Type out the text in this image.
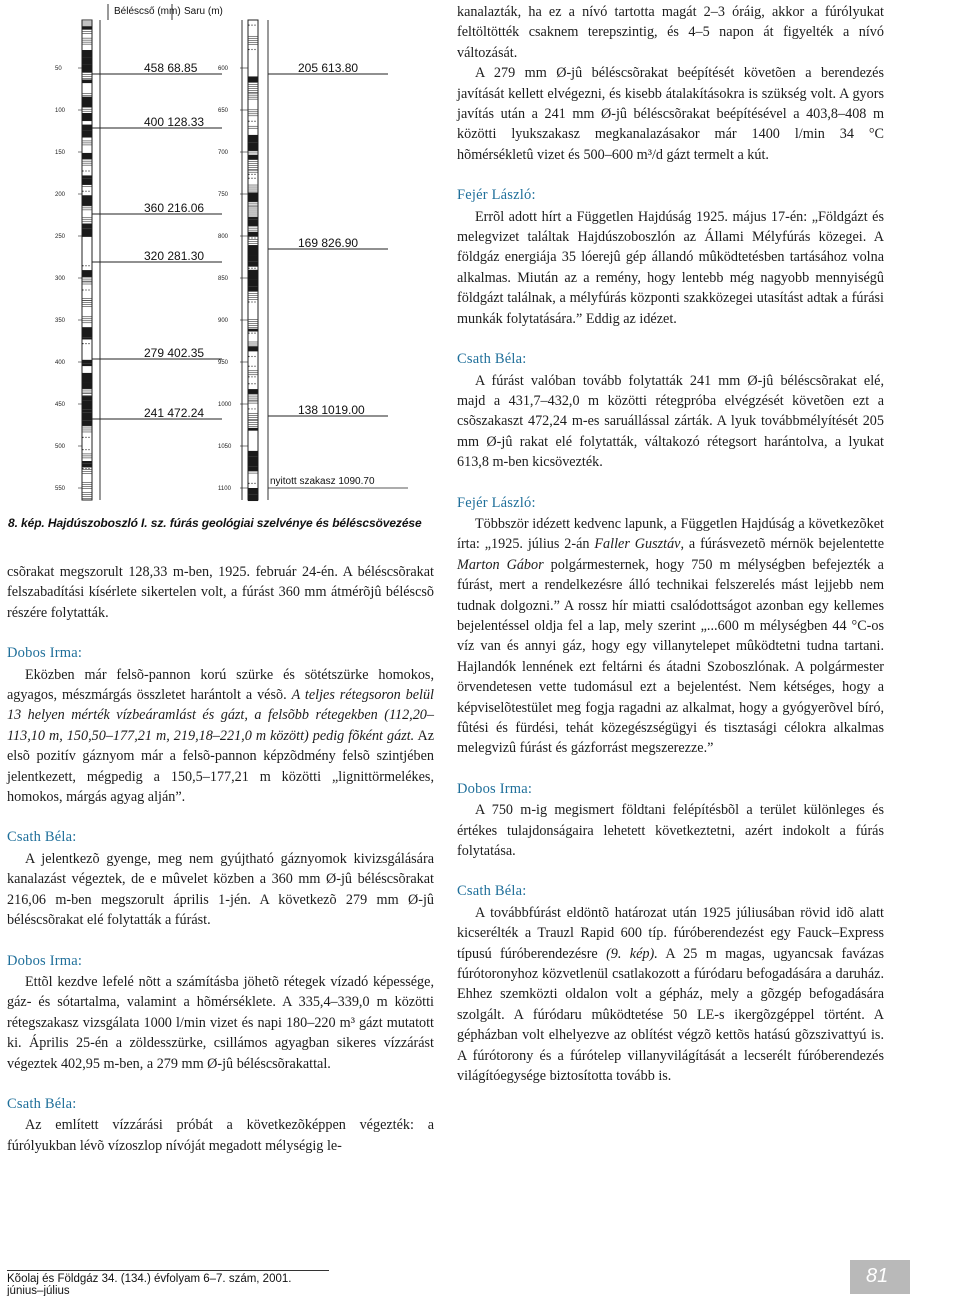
50
100
150
200
250
300
350
400
450
500
550
600
650
700
750
800
850
900
950
1000
1050
1100
458 68.85
400 128.33
360 216.06
320 281.30
279 402.35
241 472.24
205 613.80
169 826.90
138 1019.00
nyitott szakasz 1090.70
Béléscső (mm) Saru (m)
8. kép. Hajdúszoboszló I. sz. fúrás geológiai szelvénye és béléscsövezése

csõrakat megszorult 128,33 m-ben, 1925. február 24-én. A béléscsõrakat felszabadítási kísérlete sikertelen volt, a fúrást 360 mm átmérõjû béléscsõ részére folytatták.

Dobos Irma:

Eközben már felsõ-pannon korú szürke és sötétszürke homokos, agyagos, mészmárgás összletet harántolt a vésõ. A teljes rétegsoron belül 13 helyen mérték vízbeáramlást és gázt, a felsõbb rétegekben (112,20–113,10 m, 150,50–177,21 m, 219,18–221,0 m között) pedig fõként gázt. Az elsõ pozitív gáznyom már a felsõ-pannon képzõdmény felsõ szintjében jelentkezett, mégpedig a 150,5–177,21 m közötti „lignittörmelékes, homokos, márgás agyag alján”.

Csath Béla:

A jelentkezõ gyenge, meg nem gyújtható gáznyomok kivizsgálására kanalazást végeztek, de e mûvelet közben a 360 mm Ø-jû béléscsõrakat 216,06 m-ben megszorult április 1-jén. A következõ 279 mm Ø-jû béléscsõrakat elé folytatták a fúrást.

Dobos Irma:

Ettõl kezdve lefelé nõtt a számításba jöhetõ rétegek vízadó képessége, gáz- és sótartalma, valamint a hõmérséklete. A 335,4–339,0 m közötti rétegszakasz vizsgálata 1000 l/min vizet és napi 180–220 m³ gázt mutatott ki. Április 25-én a zöldesszürke, csillámos agyagban sikeres vízzárást végeztek 402,95 m-ben, a 279 mm Ø-jû béléscsõrakattal.

Csath Béla:

Az említett vízzárási próbát a következõképpen végezték: a fúrólyukban lévõ vízoszlop nívóját megadott mélységig le-

kanalazták, ha ez a nívó tartotta magát 2–3 óráig, akkor a fúrólyukat feltöltötték csaknem terepszintig, és 4–5 napon át figyelték a nívó változását.

A 279 mm Ø-jû béléscsõrakat beépítését követõen a berendezés javítását kellett elvégezni, és kisebb átalakításokra is szükség volt. A gyors javítás után a 241 mm Ø-jû béléscsõrakat beépítésével a 403,8–408 m közötti lyukszakasz megkanalazásakor már 1400 l/min 34 °C hõmérsékletû vizet és 500–600 m³/d gázt termelt a kút.

Fejér László:

Errõl adott hírt a Független Hajdúság 1925. május 17-én: „Földgázt és melegvizet találtak Hajdúszoboszlón az Állami Mélyfúrás közegei. A földgáz energiája 35 lóerejû gép állandó mûködtetésben tartásához volna alkalmas. Miután az a remény, hogy lentebb még nagyobb mennyiségû földgázt találnak, a mélyfúrás központi szakközegei utasítást adtak a fúrási munkák folytatására.” Eddig az idézet.

Csath Béla:

A fúrást valóban tovább folytatták 241 mm Ø-jû béléscsõrakat elé, majd a 431,7–432,0 m közötti rétegpróba elvégzését követõen ezt a csõszakaszt 472,24 m-es saruállással zárták. A lyuk továbbmélyítését 205 mm Ø-jû rakat elé folytatták, váltakozó rétegsort harántolva, a lyukat 613,8 m-ben kicsövezték.

Fejér László:

Többször idézett kedvenc lapunk, a Független Hajdúság a következõket írta: „1925. július 2-án Faller Gusztáv, a fúrásvezetõ mérnök bejelentette Marton Gábor polgármesternek, hogy 750 m mélységben befejezték a fúrást, mert a rendelkezésre álló technikai felszerelés mást lejjebb nem tudnak dolgozni.” A rossz hír miatti csalódottságot azonban egy kellemes bejelentéssel oldja fel a lap, mely szerint „...600 m mélységben 44 °C-os víz van és annyi gáz, hogy egy villanytelepet mûködtetni tudna tartani. Hajlandók lennének ezt feltárni és átadni Szoboszlónak. A polgármester örvendetesen vette tudomásul ezt a bejelentést. Nem kétséges, hogy a képviselõtestület meg fogja ragadni az alkalmat, hogy a gyógyerõvel bíró, fûtési és fürdési, tehát közegészségügyi és tisztasági célokra alkalmas melegvizû fúrást és gázforrást megszerezze.”

Dobos Irma:

A 750 m-ig megismert földtani felépítésbõl a terület különleges és értékes tulajdonságaira lehetett következtetni, azért indokolt a fúrás folytatása.

Csath Béla:

A továbbfúrást eldöntõ határozat után 1925 júliusában rövid idõ alatt kicserélték a Trauzl Rapid 600 típ. fúróberendezést egy Fauck–Express típusú fúróberendezésre (9. kép). A 25 m magas, ugyancsak favázas fúrótoronyhoz közvetlenül csatlakozott a fúródaru befogadására a daruház. Ehhez szemközti oldalon volt a gépház, mely a gõzgép befogadására szolgált. A fúródaru mûködtetése 50 LE-s ikergõzgéppel történt. A gépházban volt elhelyezve az oblítést végzõ kettõs hatású gõzszivattyú is. A fúrótorony és a fúrótelep villanyvilágítását a lecserélt fúróberendezés világítóegysége biztosította tovább is.

Kõolaj és Földgáz 34. (134.) évfolyam 6–7. szám, 2001. június–július
81
